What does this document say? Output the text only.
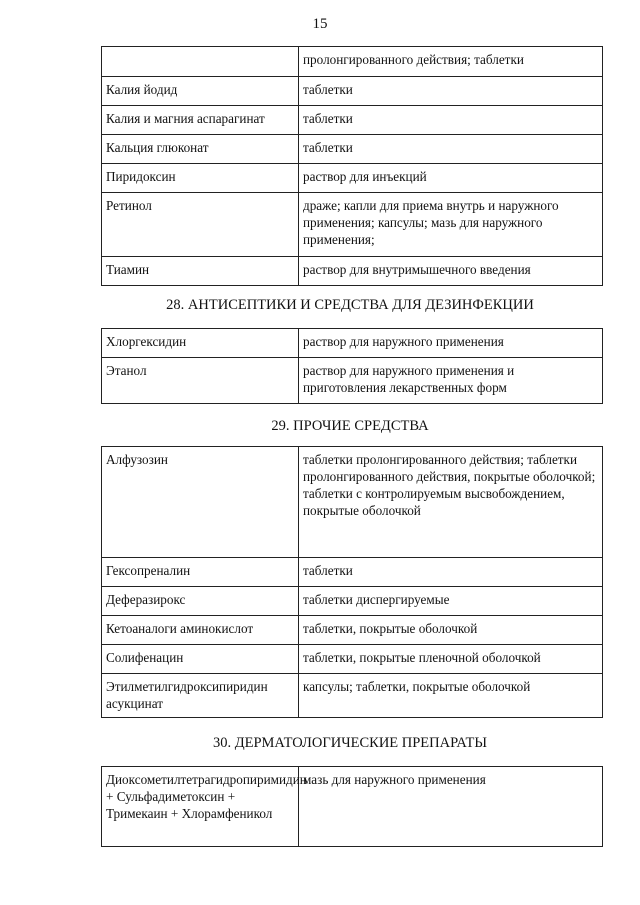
15
	пролонгированного действия; таблетки
Калия йодид	таблетки
Калия и магния аспарагинат	таблетки
Кальция глюконат	таблетки
Пиридоксин	раствор для инъекций
Ретинол	драже; капли для приема внутрь и наружного применения; капсулы; мазь для наружного применения;
Тиамин	раствор для внутримышечного введения
28. АНТИСЕПТИКИ И СРЕДСТВА ДЛЯ ДЕЗИНФЕКЦИИ
Хлоргексидин	раствор для наружного применения
Этанол	раствор для наружного применения и приготовления лекарственных форм
29. ПРОЧИЕ СРЕДСТВА
Алфузозин	таблетки пролонгированного действия; таблетки пролонгированного действия, покрытые оболочкой; таблетки с контролируемым высвобождением, покрытые оболочкой
Гексопреналин	таблетки
Деферазирокс	таблетки диспергируемые
Кетоаналоги аминокислот	таблетки, покрытые оболочкой
Солифенацин	таблетки, покрытые пленочной оболочкой
Этилметилгидроксипиридин асукцинат	капсулы; таблетки, покрытые оболочкой
30. ДЕРМАТОЛОГИЧЕСКИЕ ПРЕПАРАТЫ
Диоксометилтетрагидропиримидин + Сульфадиметоксин + Тримекаин + Хлорамфеникол	мазь для наружного применения
